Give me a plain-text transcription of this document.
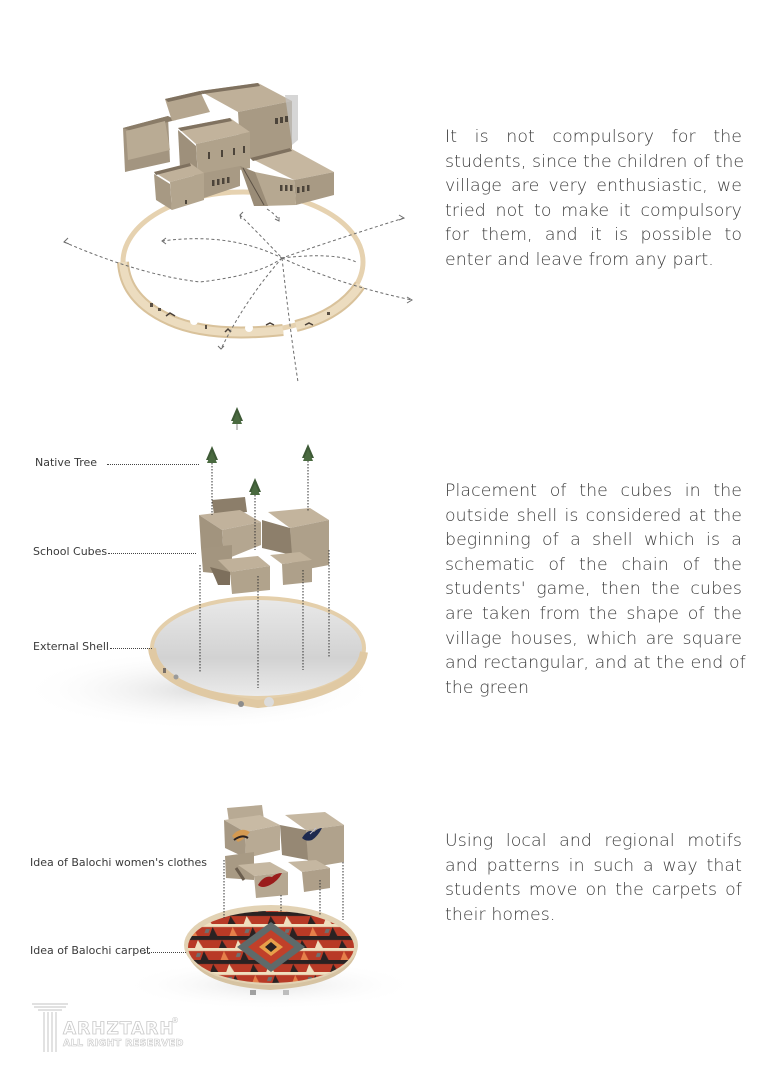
It is not compulsory for the
students, since the children of the
village are very enthusiastic, we
tried not to make it compulsory
for them, and it is possible to
enter and leave from any part.
Native Tree
School Cubes
External Shell
Placement of the cubes in the
outside shell is considered at the
beginning of a shell which is a
schematic of the chain of the
students' game, then the cubes
are taken from the shape of the
village houses, which are square
and rectangular, and at the end of
the green
Idea of Balochi women's clothes
Idea of Balochi carpet
Using local and regional motifs
and patterns in such a way that
students move on the carpets of
their homes.
ARHZTARH
ALL RIGHT RESERVED
®
